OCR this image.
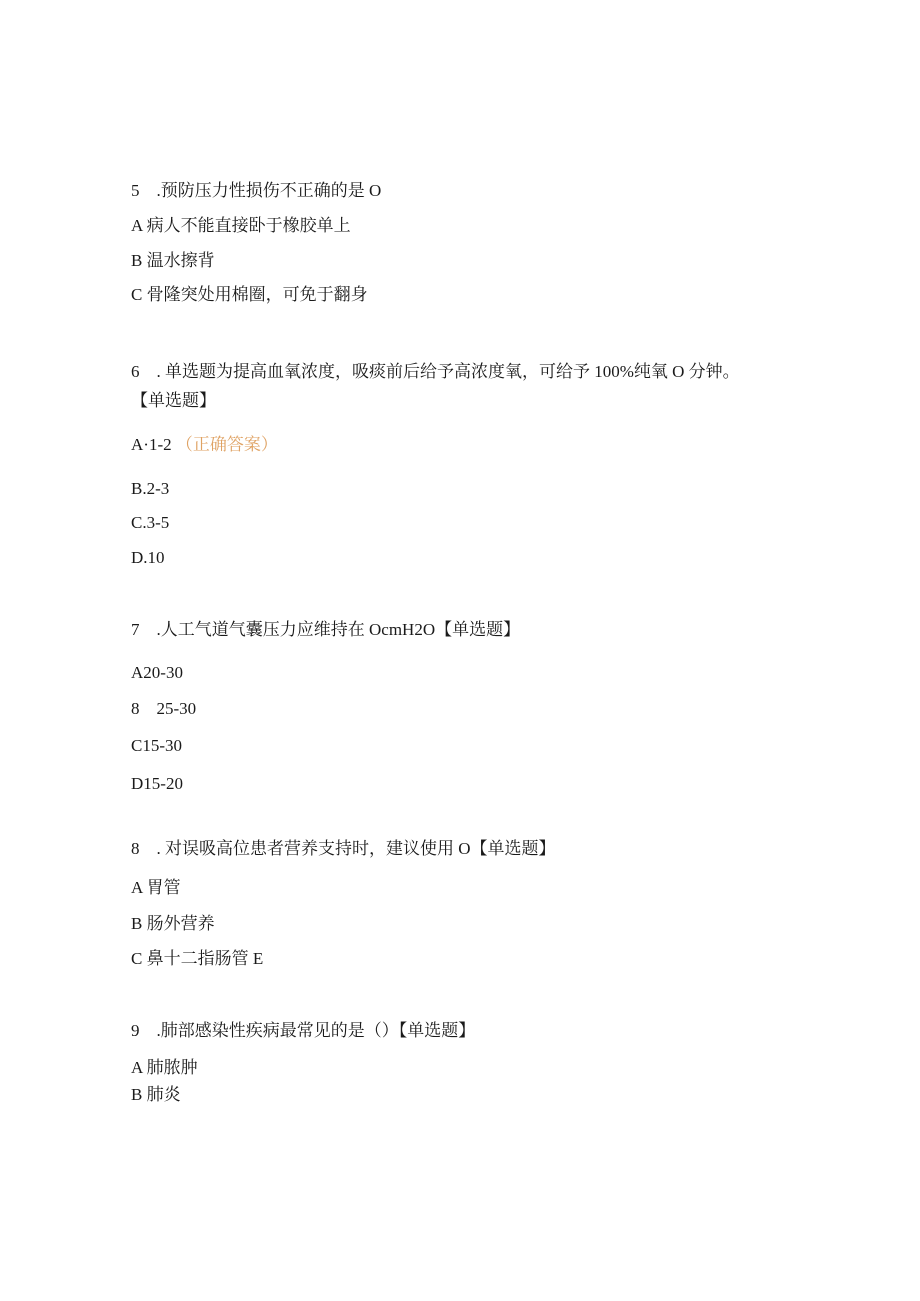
5　.预防压力性损伤不正确的是 O

A 病人不能直接卧于橡胶单上

B 温水擦背

C 骨隆突处用棉圈，可免于翻身

6　. 单选题为提高血氧浓度，吸痰前后给予高浓度氧，可给予 100%纯氧 O 分钟。

【单选题】

A·1-2 （正确答案）

B.2-3

C.3-5

D.10

7　.人工气道气囊压力应维持在 OcmH2O【单选题】

A20-30

8　25-30

C15-30

D15-20

8　. 对误吸高位患者营养支持时，建议使用 O【单选题】

A 胃管

B 肠外营养

C 鼻十二指肠管 E

9　.肺部感染性疾病最常见的是（）【单选题】

A 肺脓肿

B 肺炎
